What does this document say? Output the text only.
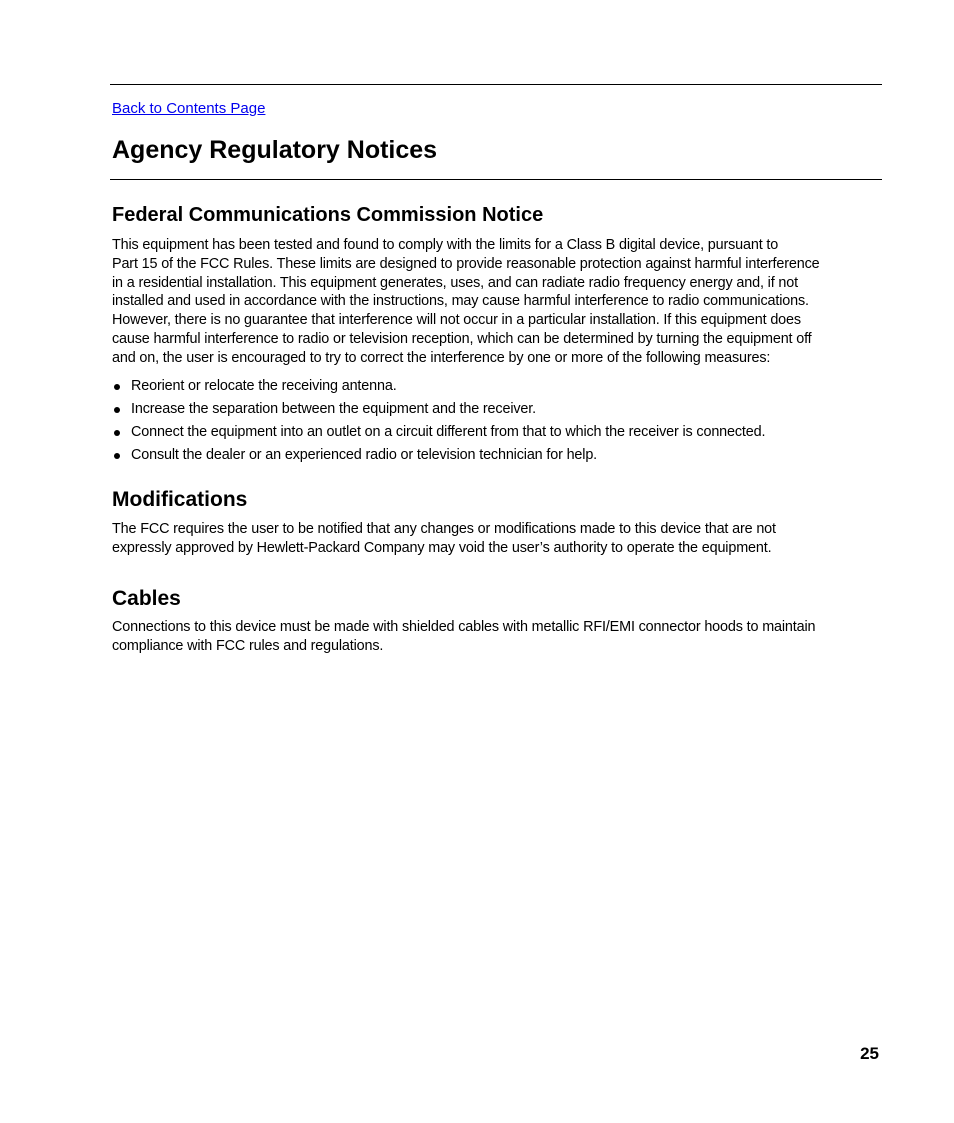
Back to Contents Page
Agency Regulatory Notices
Federal Communications Commission Notice

This equipment has been tested and found to comply with the limits for a Class B digital device, pursuant to
Part 15 of the FCC Rules. These limits are designed to provide reasonable protection against harmful interference
in a residential installation. This equipment generates, uses, and can radiate radio frequency energy and, if not
installed and used in accordance with the instructions, may cause harmful interference to radio communications.
However, there is no guarantee that interference will not occur in a particular installation. If this equipment does
cause harmful interference to radio or television reception, which can be determined by turning the equipment off
and on, the user is encouraged to try to correct the interference by one or more of the following measures:

Reorient or relocate the receiving antenna.
Increase the separation between the equipment and the receiver.
Connect the equipment into an outlet on a circuit different from that to which the receiver is connected.
Consult the dealer or an experienced radio or television technician for help.
Modifications

The FCC requires the user to be notified that any changes or modifications made to this device that are not
expressly approved by Hewlett-Packard Company may void the user’s authority to operate the equipment.

Cables

Connections to this device must be made with shielded cables with metallic RFI/EMI connector hoods to maintain
compliance with FCC rules and regulations.

25
